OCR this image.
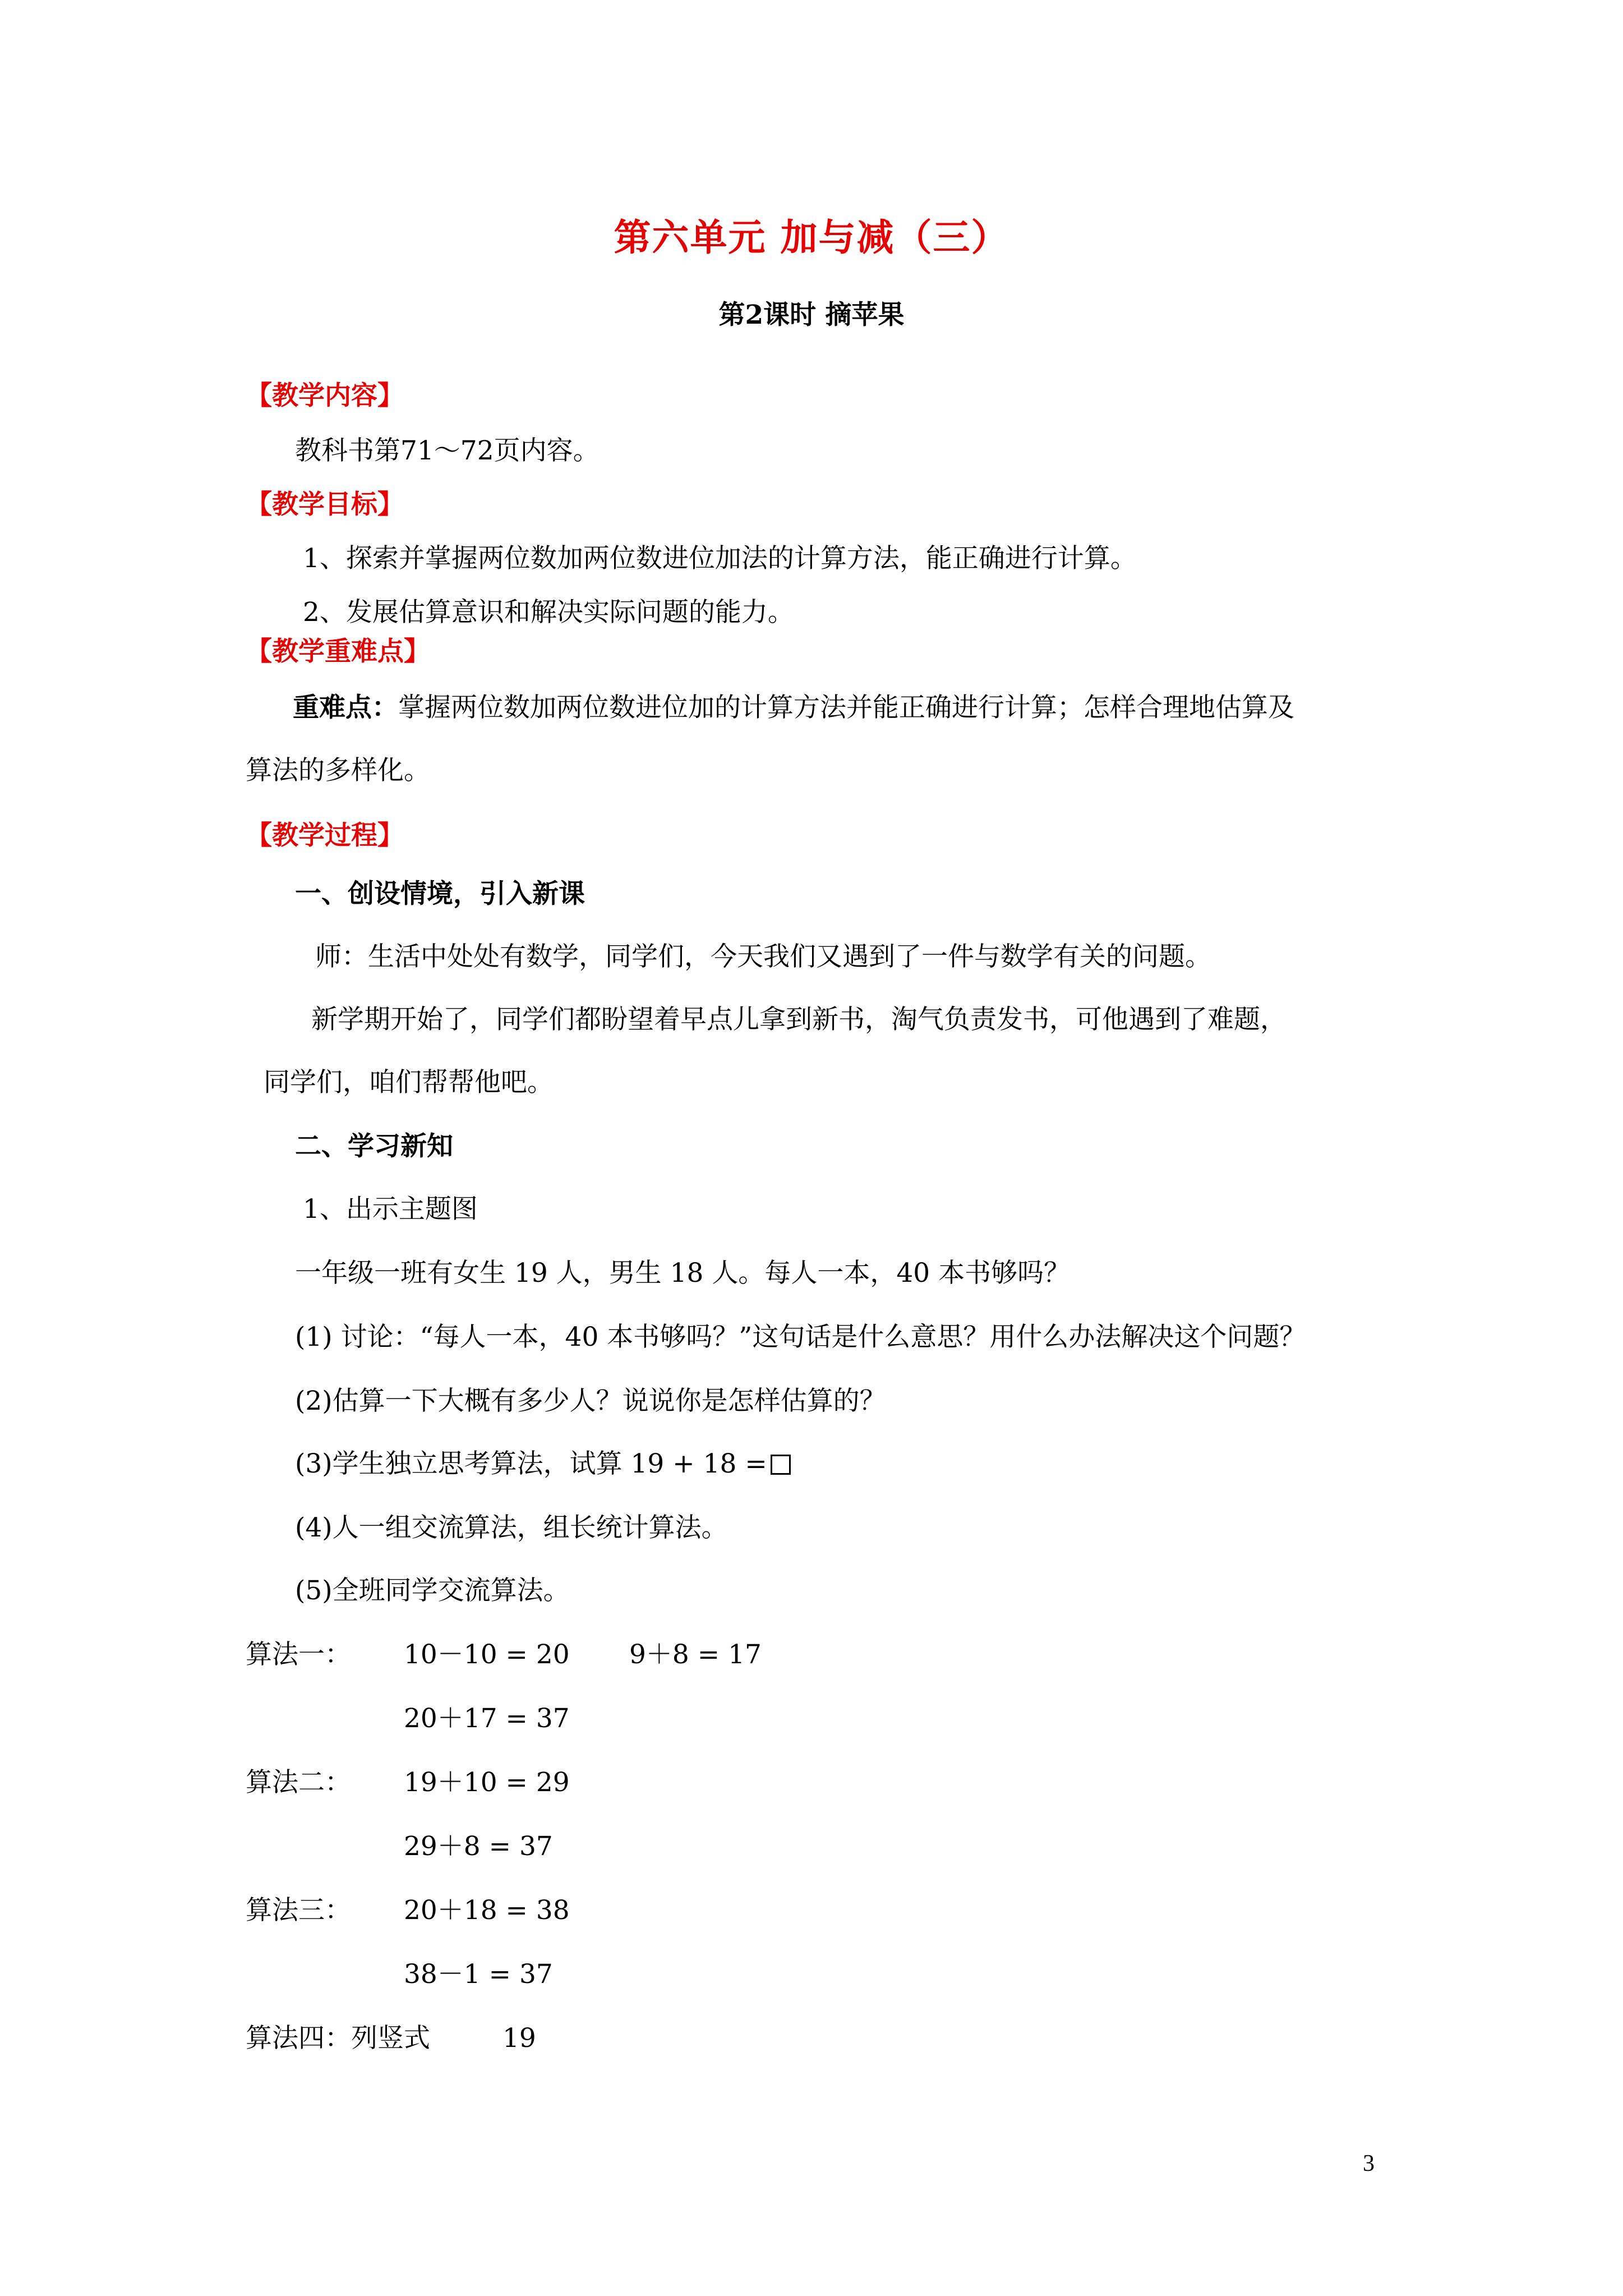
第六单元 加与减（三）
第2课时 摘苹果
【教学内容】
教科书第71～72页内容。
【教学目标】
1、探索并掌握两位数加两位数进位加法的计算方法，能正确进行计算。
2、发展估算意识和解决实际问题的能力。
【教学重难点】
重难点：掌握两位数加两位数进位加的计算方法并能正确进行计算；怎样合理地估算及
算法的多样化。
【教学过程】
一、创设情境，引入新课
师：生活中处处有数学，同学们，今天我们又遇到了一件与数学有关的问题。
新学期开始了，同学们都盼望着早点儿拿到新书，淘气负责发书，可他遇到了难题，
同学们，咱们帮帮他吧。
二、学习新知
1、出示主题图
一年级一班有女生 19 人，男生 18 人。每人一本，40 本书够吗？
(1) 讨论：“每人一本，40 本书够吗？”这句话是什么意思？用什么办法解决这个问题？
(2)估算一下大概有多少人？说说你是怎样估算的？
(3)学生独立思考算法，试算 19 + 18 =
(4)人一组交流算法，组长统计算法。
(5)全班同学交流算法。
算法一： 10－10 = 20 9＋8 = 17
20＋17 = 37
算法二： 19＋10 = 29
29＋8 = 37
算法三： 20＋18 = 38
38－1 = 37
算法四：列竖式	19
3
